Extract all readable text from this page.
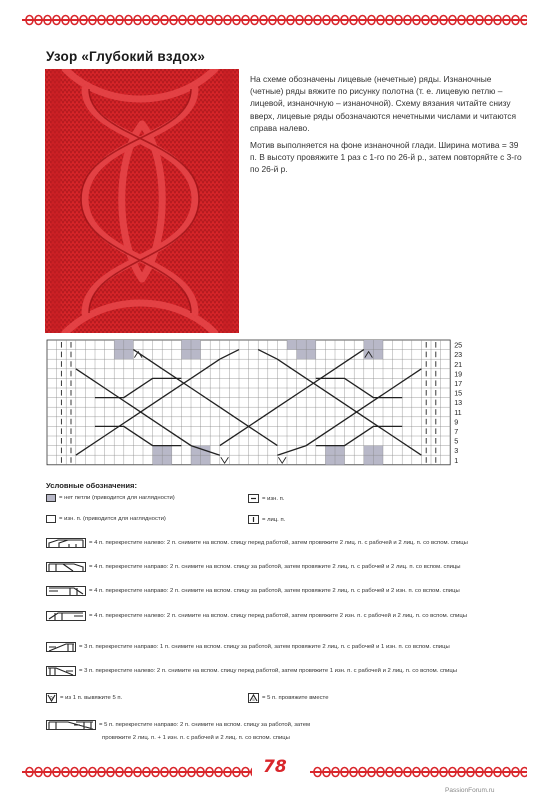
Узор «Глубокий вздох»

На схеме обозначены лицевые (нечетные) ряды. Изнаночные (четные) ряды вяжите по рисунку полотна (т. е. лицевую петлю – лицевой, изнаночную – изнаночной). Схему вязания читайте снизу вверх, лицевые ряды обозначаются нечетными числами и читаются справа налево.

Мотив выполняется на фоне изнаночной глади. Ширина мотива = 39 п. В высоту провяжите 1 раз с 1-го по 26-й р., затем повторяйте с 3-го по 26-й р.

25
23
21
19
17
15
13
11
9
7
5
3
1
Условные обозначения:
= нет петли (приводится для наглядности)	= изн. п.
= изн. п. (приводится для наглядности)	= лиц. п.
= 4 п. перекрестите налево: 2 п. снимите на вспом. спицу перед работой, затем провяжите 2 лиц. п. с рабочей и 2 лиц. п. со вспом. спицы
= 4 п. перекрестите направо: 2 п. снимите на вспом. спицу за работой, затем провяжите 2 лиц. п. с рабочей и 2 лиц. п. со вспом. спицы
= 4 п. перекрестите направо: 2 п. снимите на вспом. спицу за работой, затем провяжите 2 лиц. п. с рабочей и 2 изн. п. со вспом. спицы
= 4 п. перекрестите налево: 2 п. снимите на вспом. спицу перед работой, затем провяжите 2 изн. п. с рабочей и 2 лиц. п. со вспом. спицы
= 3 п. перекрестите направо: 1 п. снимите на вспом. спицу за работой, затем провяжите 2 лиц. п. с рабочей и 1 изн. п. со вспом. спицы
= 3 п. перекрестите налево: 2 п. снимите на вспом. спицу перед работой, затем провяжите 1 изн. п. с рабочей и 2 лиц. п. со вспом. спицы
5 = из 1 п. вывяжите 5 п.	5 = 5 п. провяжите вместе
= 5 п. перекрестите направо: 2 п. снимите на вспом. спицу за работой, затем
провяжите 2 лиц. п. + 1 изн. п. с рабочей и 2 лиц. п. со вспом. спицы
78
PassionForum.ru
